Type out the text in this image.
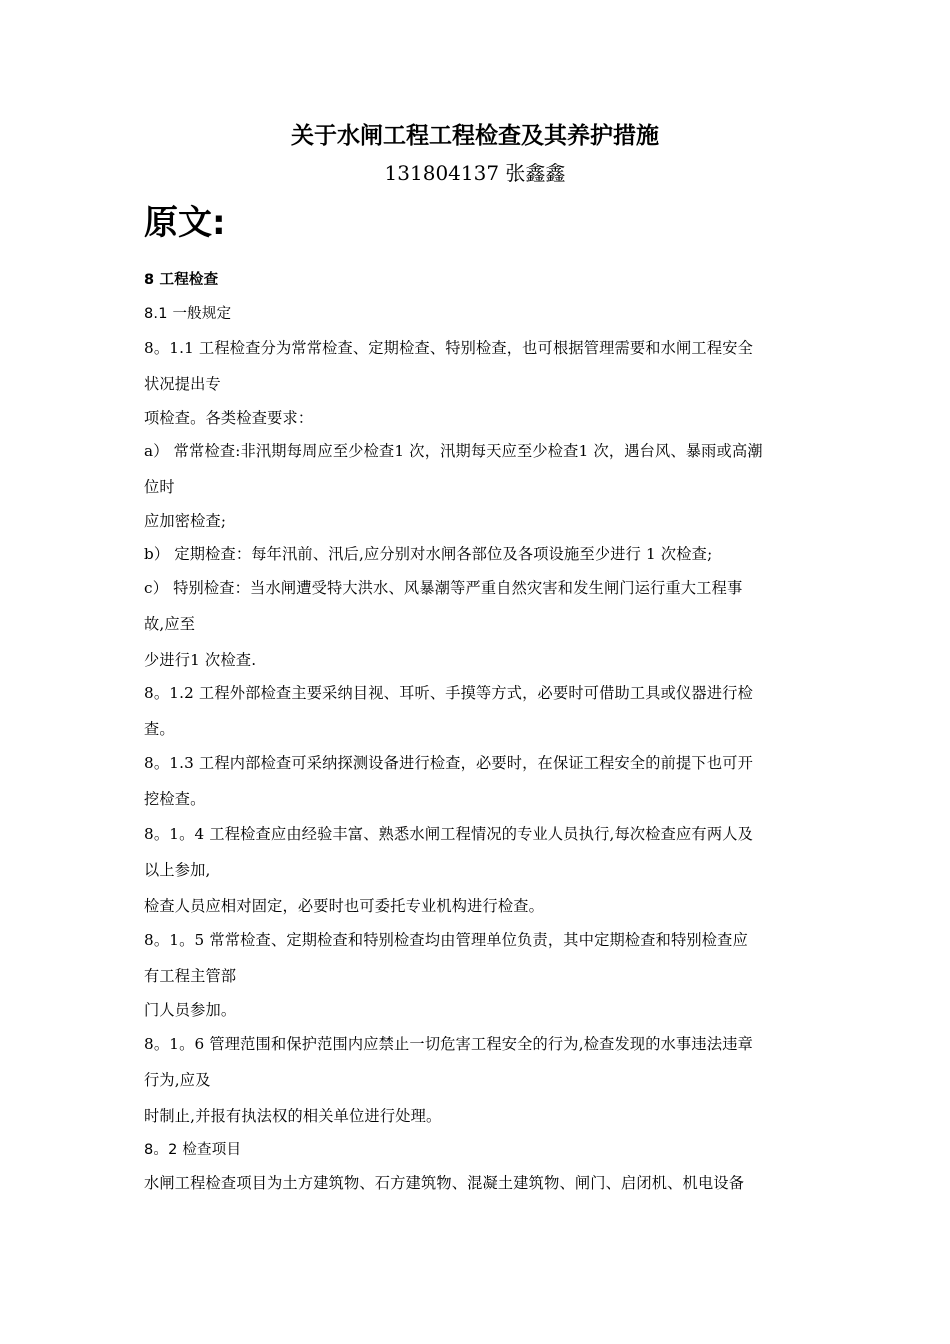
关于水闸工程工程检查及其养护措施
131804137 张鑫鑫
原文:
8 工程检查
8.1 一般规定
8。1.1 工程检查分为常常检查、定期检查、特别检查，也可根据管理需要和水闸工程安全
状况提出专
项检查。各类检查要求：
a） 常常检查:非汛期每周应至少检查1 次，汛期每天应至少检查1 次，遇台风、暴雨或高潮
位时
应加密检查;
b） 定期检查：每年汛前、汛后,应分别对水闸各部位及各项设施至少进行 1 次检查;
c） 特别检查：当水闸遭受特大洪水、风暴潮等严重自然灾害和发生闸门运行重大工程事
故,应至
少进行1 次检查.
8。1.2 工程外部检查主要采纳目视、耳听、手摸等方式，必要时可借助工具或仪器进行检
查。
8。1.3 工程内部检查可采纳探测设备进行检查，必要时，在保证工程安全的前提下也可开
挖检查。
8。1。4 工程检查应由经验丰富、熟悉水闸工程情况的专业人员执行,每次检查应有两人及
以上参加,
检查人员应相对固定，必要时也可委托专业机构进行检查。
8。1。5 常常检查、定期检查和特别检查均由管理单位负责，其中定期检查和特别检查应
有工程主管部
门人员参加。
8。1。6 管理范围和保护范围内应禁止一切危害工程安全的行为,检查发现的水事违法违章
行为,应及
时制止,并报有执法权的相关单位进行处理。
8。2 检查项目
水闸工程检查项目为土方建筑物、石方建筑物、混凝土建筑物、闸门、启闭机、机电设备
